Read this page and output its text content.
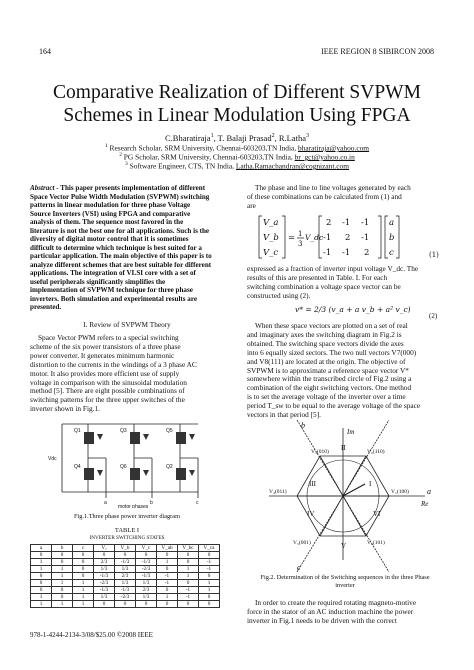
164	IEEE REGION 8 SIBIRCON 2008
Comparative Realization of Different SVPWM
Schemes in Linear Modulation Using FPGA
C.Bharatiraja$^1$, T. Balaji Prasad$^2$, R.Latha$^3$
$^1$ Research Scholar, SRM University, Chennai-603203,TN India, bharatiraja@yahoo.com
$^2$ PG Scholar, SRM University, Chennai-603203,TN India, br_gct@yahoo.co.in
$^3$ Software Engineer, CTS, TN India, Latha.Ramachandran@cognizant.com
Abstract - This paper presents implementation of different
Space Vector Pulse Width Modulation (SVPWM) switching
patterns in linear modulation for three phase Voltage
Source Inverters (VSI) using FPGA and comparative
analysis of them. The sequence most favored in the
literature is not the best one for all applications. Such is the
diversity of digital motor control that it is sometimes
difficult to determine which technique is best suited for a
particular application. The main objective of this paper is to
analyze different schemes that are best suitable for different
applications. The integration of VLSI core with a set of
useful peripherals significantly simplifies the
implementation of SVPWM technique for three phase
inverters. Both simulation and experimental results are
presented.
I. Review of SVPWM Theory
Space Vector PWM refers to a special switching
scheme of the six power transistors of a three phase
power converter. It generates minimum harmonic
distortion to the currents in the windings of a 3 phase AC
motor. It also provides more efficient use of supply
voltage in comparison with the sinusoidal modulation
method [5]. There are eight possible combinations of
switching patterns for the three upper switches of the
inverter shown in Fig.1.
Vdc
Q1	Q3	Q5
Q4	Q6	Q2
a	b	c
motor phases
Fig.1.Three phase power inverter diagram
TABLE I
INVERTER SWITCHING STATES
a	b	c	Vₐ	V_b	V_c	V_ab	V_bc	V_ca
0	0	0	0	0	0	0	0	0
1	0	0	2/3	-1/3	-1/3	1	0	-1
1	1	0	1/3	1/3	-2/3	0	1	-1
0	1	0	-1/3	2/3	-1/3	-1	1	0
0	1	1	-2/3	1/3	1/3	-1	0	1
0	0	1	-1/3	-1/3	2/3	0	-1	1
1	0	1	1/3	-2/3	1/3	1	-1	0
1	1	1	0	0	0	0	0	0
The phase and line to line voltages generated by each
of these combinations can be calculated from (1) and
are
V_a
V_b
V_c
= 1
3
V_dc
2 -1 -1
-1 2 -1
-1 -1 2
a
b
c	(1)
expressed as a fraction of inverter input voltage V_dc. The
results of this are presented in Table. I. For each
switching combination a voltage space vector can be
constructed using (2).
v* = 2/3 (v_a + a v_b + a² v_c)
(2)
When these space vectors are plotted on a set of real
and imaginary axes the switching diagram in Fig.2 is
obtained. The switching space vectors divide the axes
into 6 equally sized sectors. The two null vectors V7(000)
and V8(111) are located at the origin. The objective of
SVPWM is to approximate a reference space vector V*
somewhere within the transcribed circle of Fig.2 using a
combination of the eight switching vectors. One method
is to set the average voltage of the inverter over a time
period T_sw to be equal to the average voltage of the space
vectors in that period [5].
Im
Re
b
c
a
I
II
III
IV
V
VI
V₃(010)	V₂(110)
V₄(011)	V₁(100)
V₅(001)	V₆(101)
Fig.2. Determination of the Switching sequences in the three Phase
inverter
In order to create the required rotating magneto-motive
force in the stator of an AC induction machine the power
inverter in Fig.1 needs to be driven with the correct
978-1-4244-2134-3/08/$25.00 ©2008 IEEE
